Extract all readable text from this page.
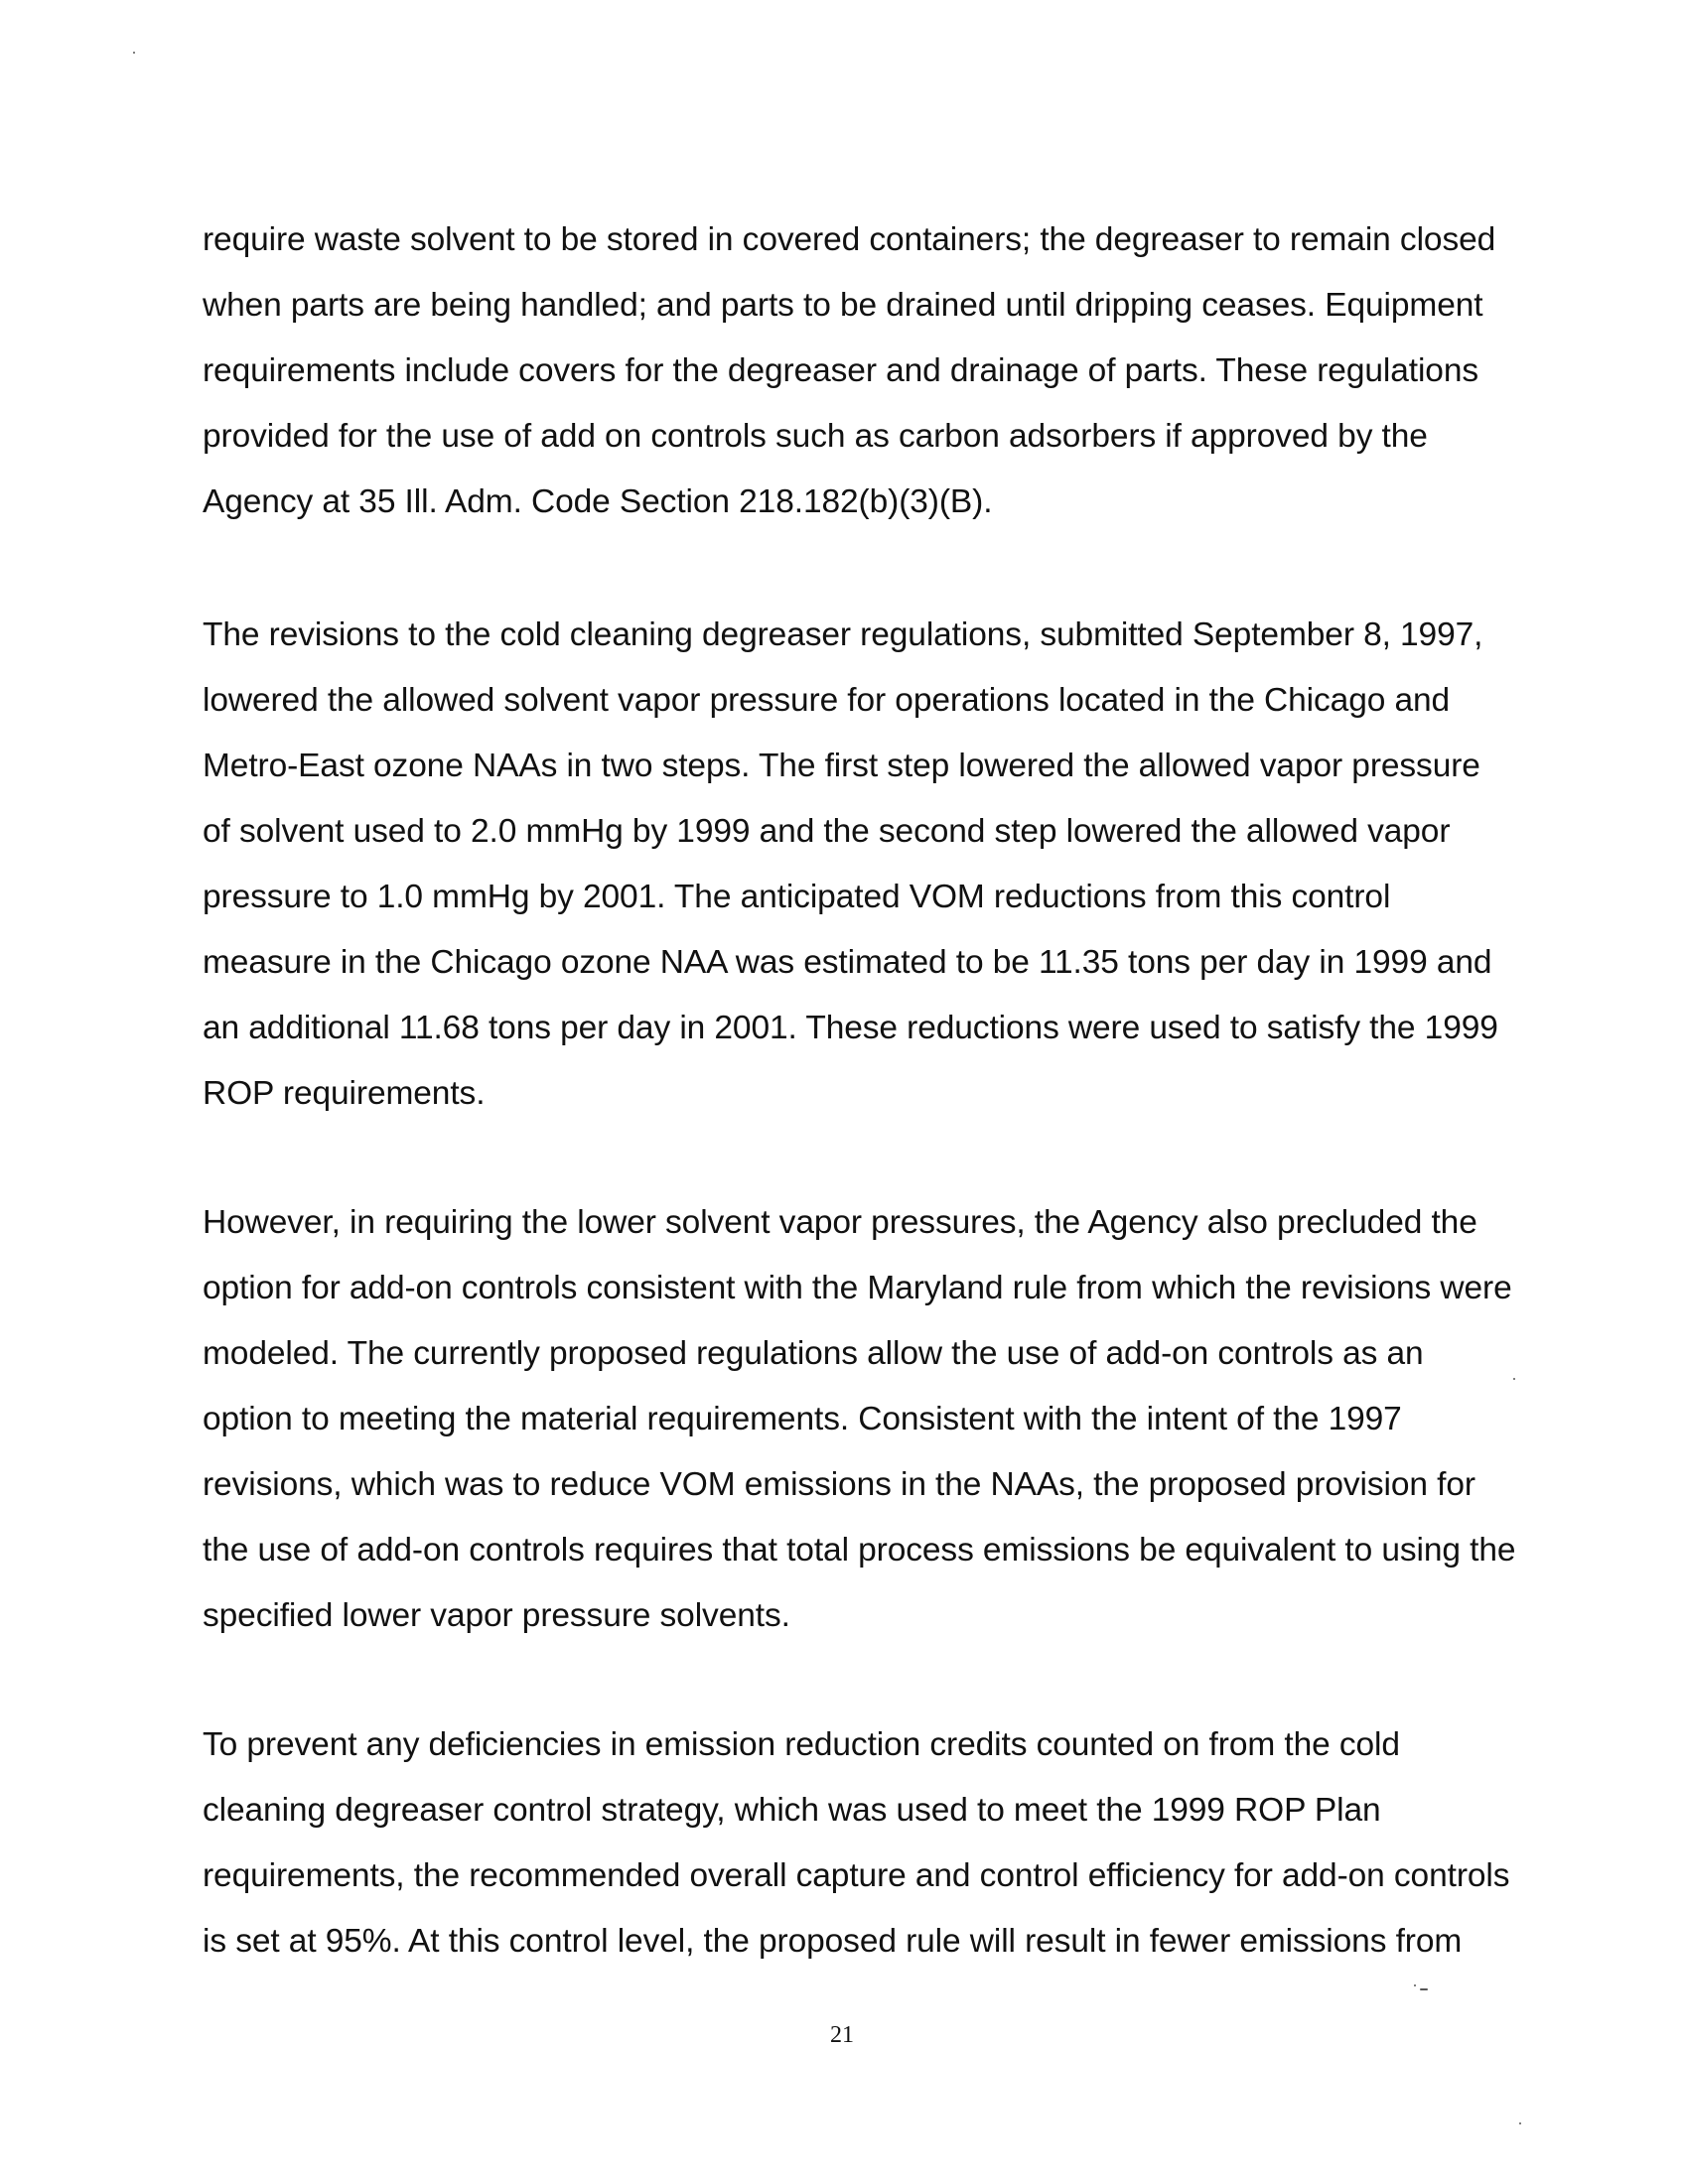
require waste solvent to be stored in covered containers; the degreaser to remain closed
when parts are being handled; and parts to be drained until dripping ceases. Equipment
requirements include covers for the degreaser and drainage of parts. These regulations
provided for the use of add on controls such as carbon adsorbers if approved by the
Agency at 35 Ill. Adm. Code Section 218.182(b)(3)(B).
The revisions to the cold cleaning degreaser regulations, submitted September 8, 1997,
lowered the allowed solvent vapor pressure for operations located in the Chicago and
Metro-East ozone NAAs in two steps. The first step lowered the allowed vapor pressure
of solvent used to 2.0 mmHg by 1999 and the second step lowered the allowed vapor
pressure to 1.0 mmHg by 2001. The anticipated VOM reductions from this control
measure in the Chicago ozone NAA was estimated to be 11.35 tons per day in 1999 and
an additional 11.68 tons per day in 2001. These reductions were used to satisfy the 1999
ROP requirements.
However, in requiring the lower solvent vapor pressures, the Agency also precluded the
option for add-on controls consistent with the Maryland rule from which the revisions were
modeled. The currently proposed regulations allow the use of add-on controls as an
option to meeting the material requirements. Consistent with the intent of the 1997
revisions, which was to reduce VOM emissions in the NAAs, the proposed provision for
the use of add-on controls requires that total process emissions be equivalent to using the
specified lower vapor pressure solvents.
To prevent any deficiencies in emission reduction credits counted on from the cold
cleaning degreaser control strategy, which was used to meet the 1999 ROP Plan
requirements, the recommended overall capture and control efficiency for add-on controls
is set at 95%. At this control level, the proposed rule will result in fewer emissions from
21
